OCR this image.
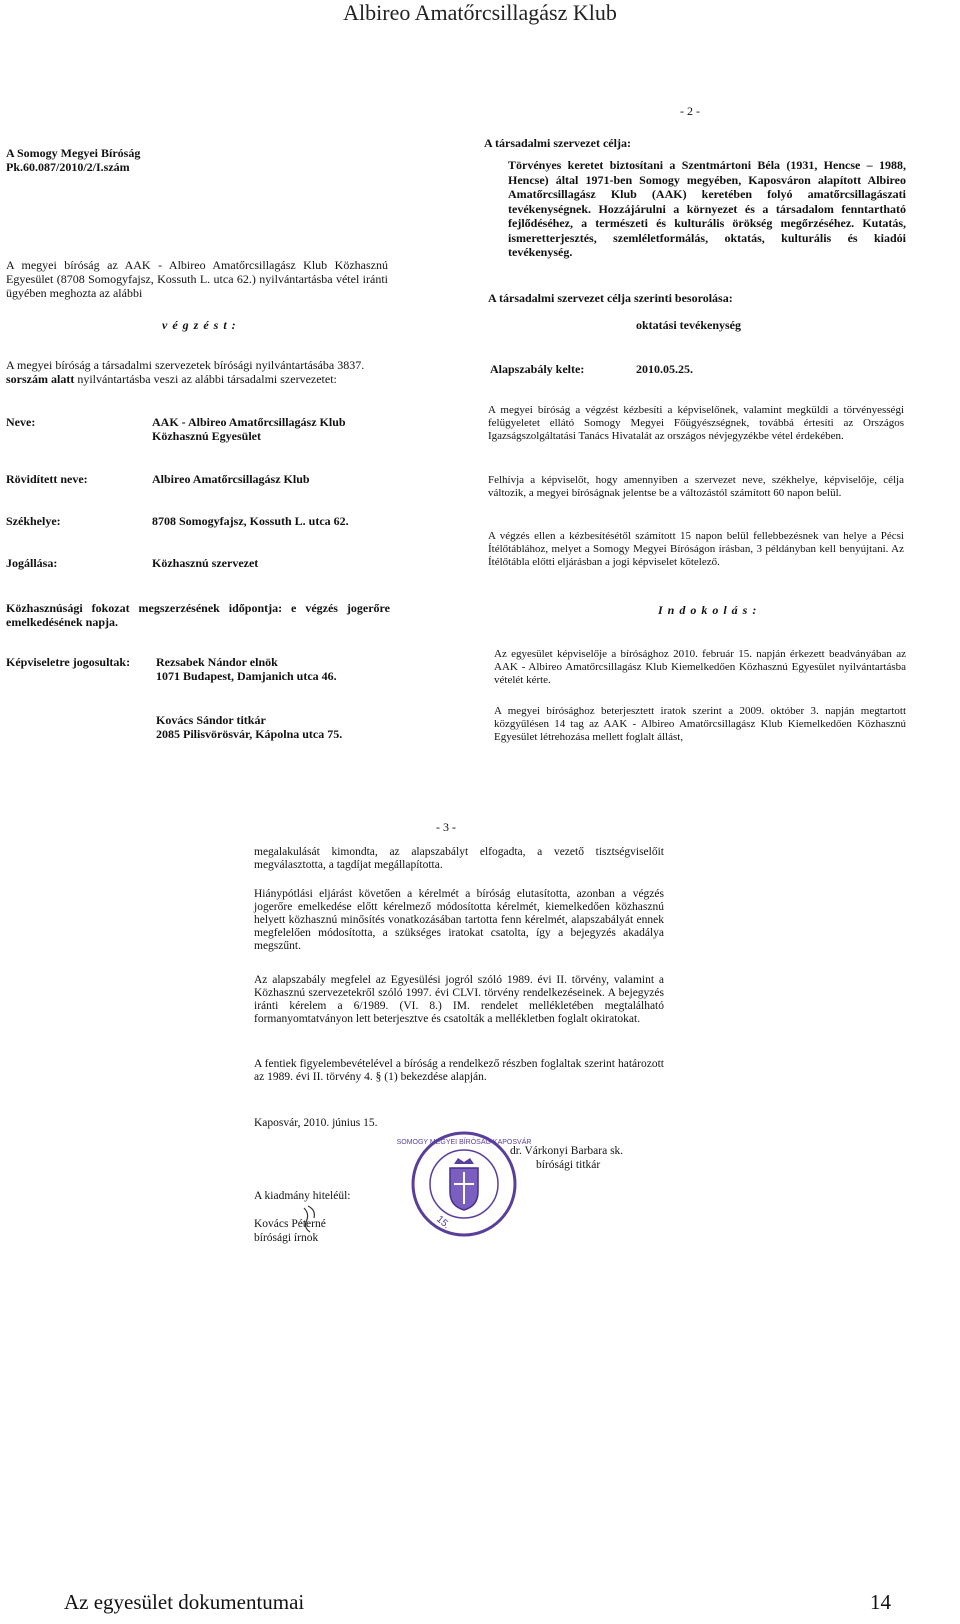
Albireo Amatőrcsillagász Klub
Az egyesület dokumentumai	14
A Somogy Megyei Bíróság
Pk.60.087/2010/2/I.szám
A megyei bíróság az AAK - Albireo Amatőrcsillagász Klub Közhasznú Egyesület (8708 Somogyfajsz, Kossuth L. utca 62.) nyilvántartásba vétel iránti ügyében meghozta az alábbi
v é g z é s t :
A megyei bíróság a társadalmi szervezetek bírósági nyilvántartásába 3837.
sorszám alatt nyilvántartásba veszi az alábbi társadalmi szervezetet:
Neve:	AAK - Albireo Amatőrcsillagász Klub Közhasznú Egyesület
Rövidített neve:	Albireo Amatőrcsillagász Klub
Székhelye:	8708 Somogyfajsz, Kossuth L. utca 62.
Jogállása:	Közhasznú szervezet
Közhasznúsági fokozat megszerzésének időpontja: e végzés jogerőre emelkedésének napja.
Képviseletre jogosultak: Rezsabek Nándor elnök
1071 Budapest, Damjanich utca 46.
Kovács Sándor titkár
2085 Pilisvörösvár, Kápolna utca 75.
- 2 -
A társadalmi szervezet célja:
Törvényes keretet biztosítani a Szentmártoni Béla (1931, Hencse – 1988, Hencse) által 1971-ben Somogy megyében, Kaposváron alapított Albireo Amatőrcsillagász Klub (AAK) keretében folyó amatőrcsillagászati tevékenységnek. Hozzájárulni a környezet és a társadalom fenntartható fejlődéséhez, a természeti és kulturális örökség megőrzéséhez. Kutatás, ismeretterjesztés, szemléletformálás, oktatás, kulturális és kiadói tevékenység.
A társadalmi szervezet célja szerinti besorolása:
oktatási tevékenység
Alapszabály kelte:	2010.05.25.
A megyei bíróság a végzést kézbesíti a képviselőnek, valamint megküldi a törvényességi felügyeletet ellátó Somogy Megyei Főügyészségnek, továbbá értesíti az Országos Igazságszolgáltatási Tanács Hivatalát az országos névjegyzékbe vétel érdekében.
Felhívja a képviselőt, hogy amennyiben a szervezet neve, székhelye, képviselője, célja változik, a megyei bíróságnak jelentse be a változástól számított 60 napon belül.
A végzés ellen a kézbesítésétől számított 15 napon belül fellebbezésnek van helye a Pécsi Ítélőtáblához, melyet a Somogy Megyei Bíróságon írásban, 3 példányban kell benyújtani. Az Ítélőtábla előtti eljárásban a jogi képviselet kötelező.
I n d o k o l á s :
Az egyesület képviselője a bírósághoz 2010. február 15. napján érkezett beadványában az AAK - Albireo Amatőrcsillagász Klub Kiemelkedően Közhasznú Egyesület nyilvántartásba vételét kérte.
A megyei bírósághoz beterjesztett iratok szerint a 2009. október 3. napján megtartott közgyűlésen 14 tag az AAK - Albireo Amatőrcsillagász Klub Kiemelkedően Közhasznú Egyesület létrehozása mellett foglalt állást,
- 3 -
megalakulását kimondta, az alapszabályt elfogadta, a vezető tisztségviselőit megválasztotta, a tagdíjat megállapította.
Hiánypótlási eljárást követően a kérelmét a bíróság elutasította, azonban a végzés jogerőre emelkedése előtt kérelmező módosította kérelmét, kiemelkedően közhasznú helyett közhasznú minősítés vonatkozásában tartotta fenn kérelmét, alapszabályát ennek megfelelően módosította, a szükséges iratokat csatolta, így a bejegyzés akadálya megszűnt.
Az alapszabály megfelel az Egyesülési jogról szóló 1989. évi II. törvény, valamint a Közhasznú szervezetekről szóló 1997. évi CLVI. törvény rendelkezéseinek. A bejegyzés iránti kérelem a 6/1989. (VI. 8.) IM. rendelet mellékletében megtalálható formanyomtatványon lett beterjesztve és csatolták a mellékletben foglalt okiratokat.
A fentiek figyelembevételével a bíróság a rendelkező részben foglaltak szerint határozott az 1989. évi II. törvény 4. § (1) bekezdése alapján.
Kaposvár, 2010. június 15.
15.
SOMOGY MEGYEI BÍRÓSÁG KAPOSVÁR
dr. Várkonyi Barbara sk.
bírósági titkár
A kiadmány hiteléül:
Kovács Péterné
bírósági írnok
